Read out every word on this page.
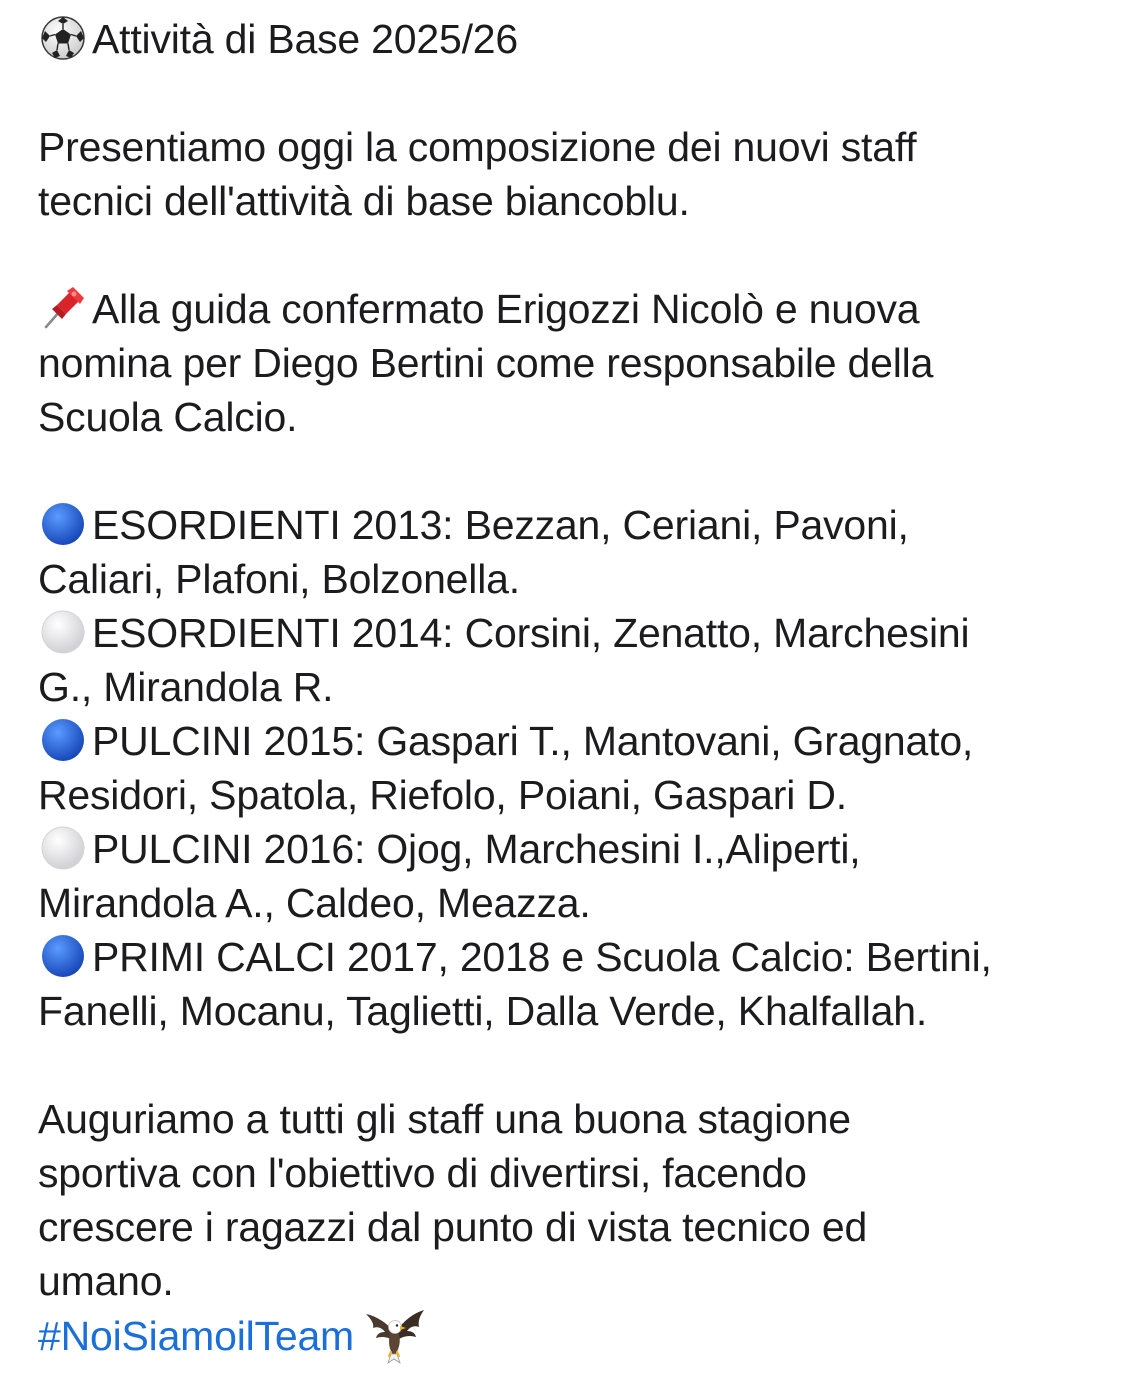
Attività di Base 2025/26
Presentiamo oggi la composizione dei nuovi staff
tecnici dell'attività di base biancoblu.
Alla guida confermato Erigozzi Nicolò e nuova
nomina per Diego Bertini come responsabile della
Scuola Calcio.
ESORDIENTI 2013: Bezzan, Ceriani, Pavoni,
Caliari, Plafoni, Bolzonella.
ESORDIENTI 2014: Corsini, Zenatto, Marchesini
G., Mirandola R.
PULCINI 2015: Gaspari T., Mantovani, Gragnato,
Residori, Spatola, Riefolo, Poiani, Gaspari D.
PULCINI 2016: Ojog, Marchesini I.,Aliperti,
Mirandola A., Caldeo, Meazza.
PRIMI CALCI 2017, 2018 e Scuola Calcio: Bertini,
Fanelli, Mocanu, Taglietti, Dalla Verde, Khalfallah.
Auguriamo a tutti gli staff una buona stagione
sportiva con l'obiettivo di divertirsi, facendo
crescere i ragazzi dal punto di vista tecnico ed
umano.
#NoiSiamoilTeam
